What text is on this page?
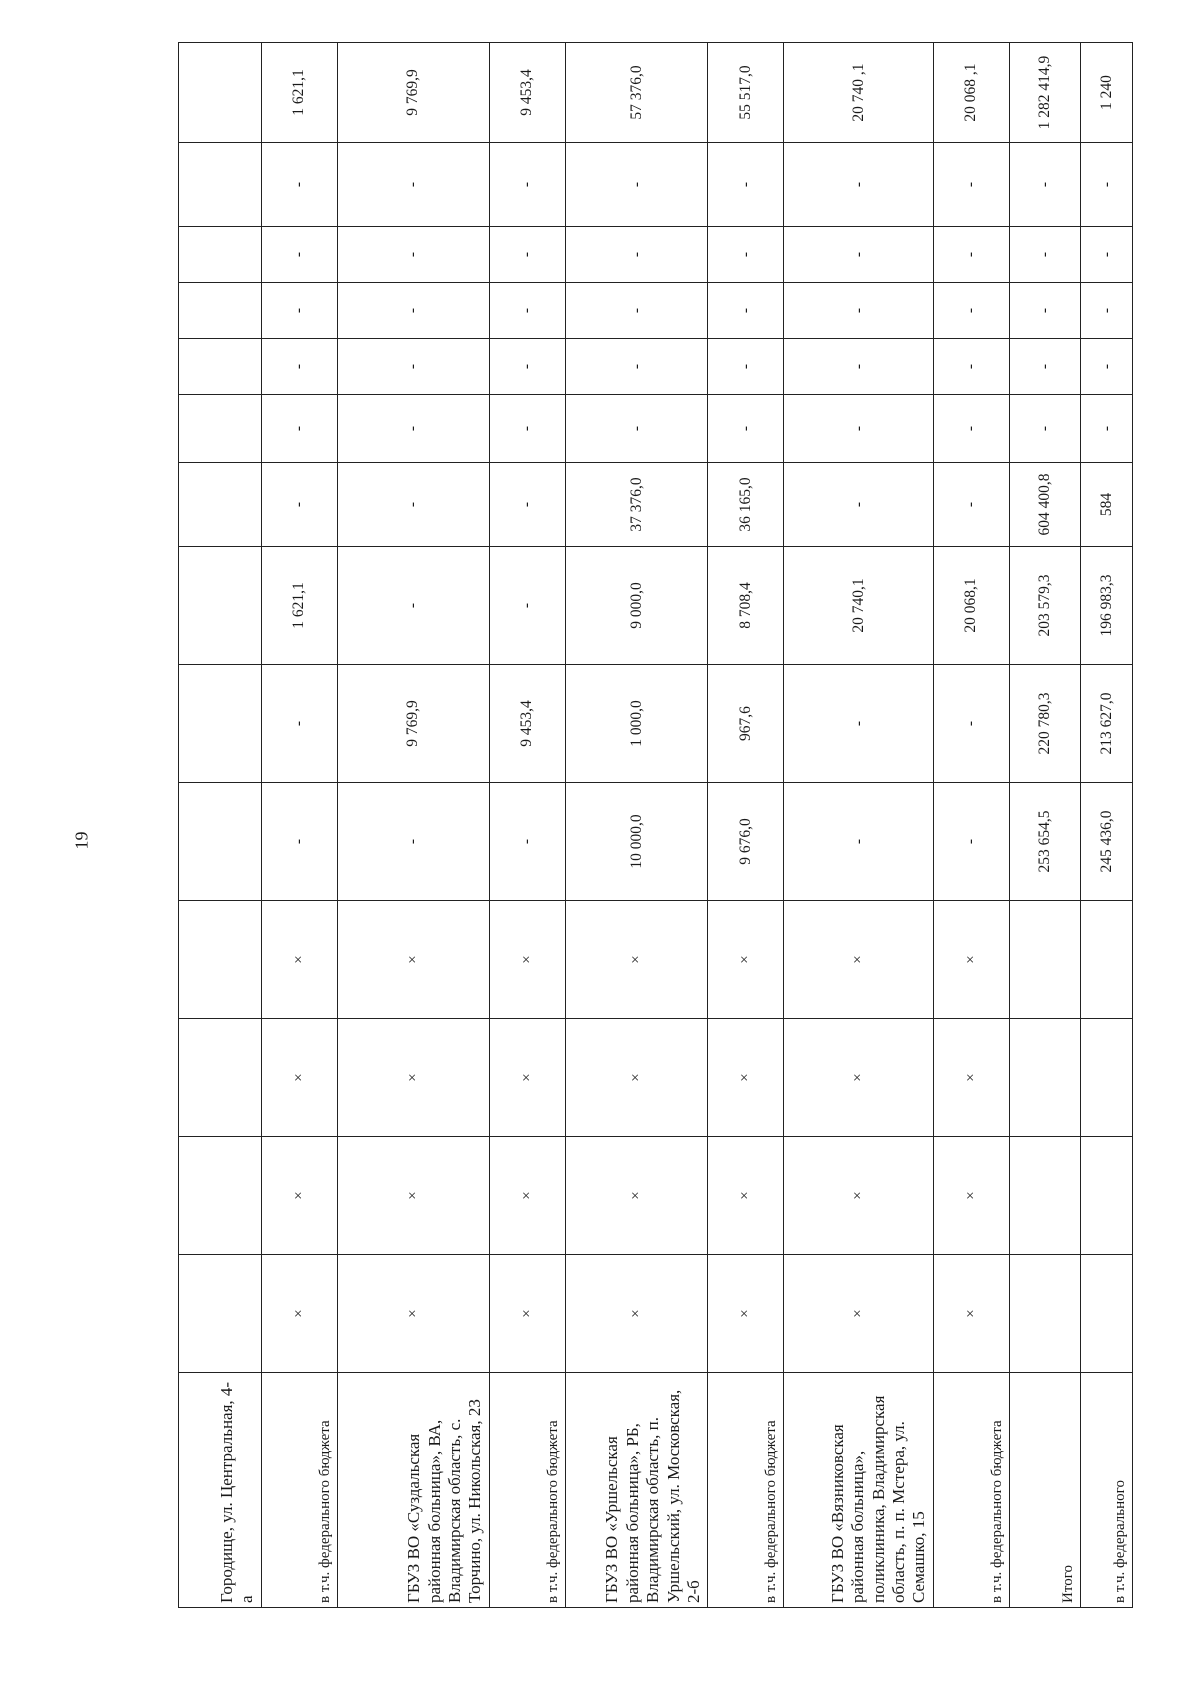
19
Городище, ул. Центральная, 4-а															
в т.ч. федерального бюджета	×	×	×	×	-	-	1 621,1	-	-	-	-	-	-	1 621,1	
ГБУЗ ВО «Суздальская районная больница», ВА, Владимирская область, с. Торчино, ул. Никольская, 23	×	×	×	×	-	9 769,9	-	-	-	-	-	-	-	9 769,9	
в т.ч. федерального бюджета	×	×	×	×	-	9 453,4	-	-	-	-	-	-	-	9 453,4	
ГБУЗ ВО «Уршельская районная больница», РБ, Владимирская область, п. Уршельский, ул. Московская, 2-б	×	×	×	×	10 000,0	1 000,0	9 000,0	37 376,0	-	-	-	-	-	57 376,0	
в т.ч. федерального бюджета	×	×	×	×	9 676,0	967,6	8 708,4	36 165,0	-	-	-	-	-	55 517,0	
ГБУЗ ВО «Вязниковская районная больница», поликлиника, Владимирская область, п. п. Мстера, ул. Семашко, 15	×	×	×	×	-	-	20 740,1	-	-	-	-	-	-	20 740 ,1	
в т.ч. федерального бюджета	×	×	×	×	-	-	20 068,1	-	-	-	-	-	-	20 068 ,1	
Итого					253 654,5	220 780,3	203 579,3	604 400,8	-	-	-	-	-	1 282 414,9	
в т.ч. федерального					245 436,0	213 627,0	196 983,3	584	-	-	-	-	-	1 240	
